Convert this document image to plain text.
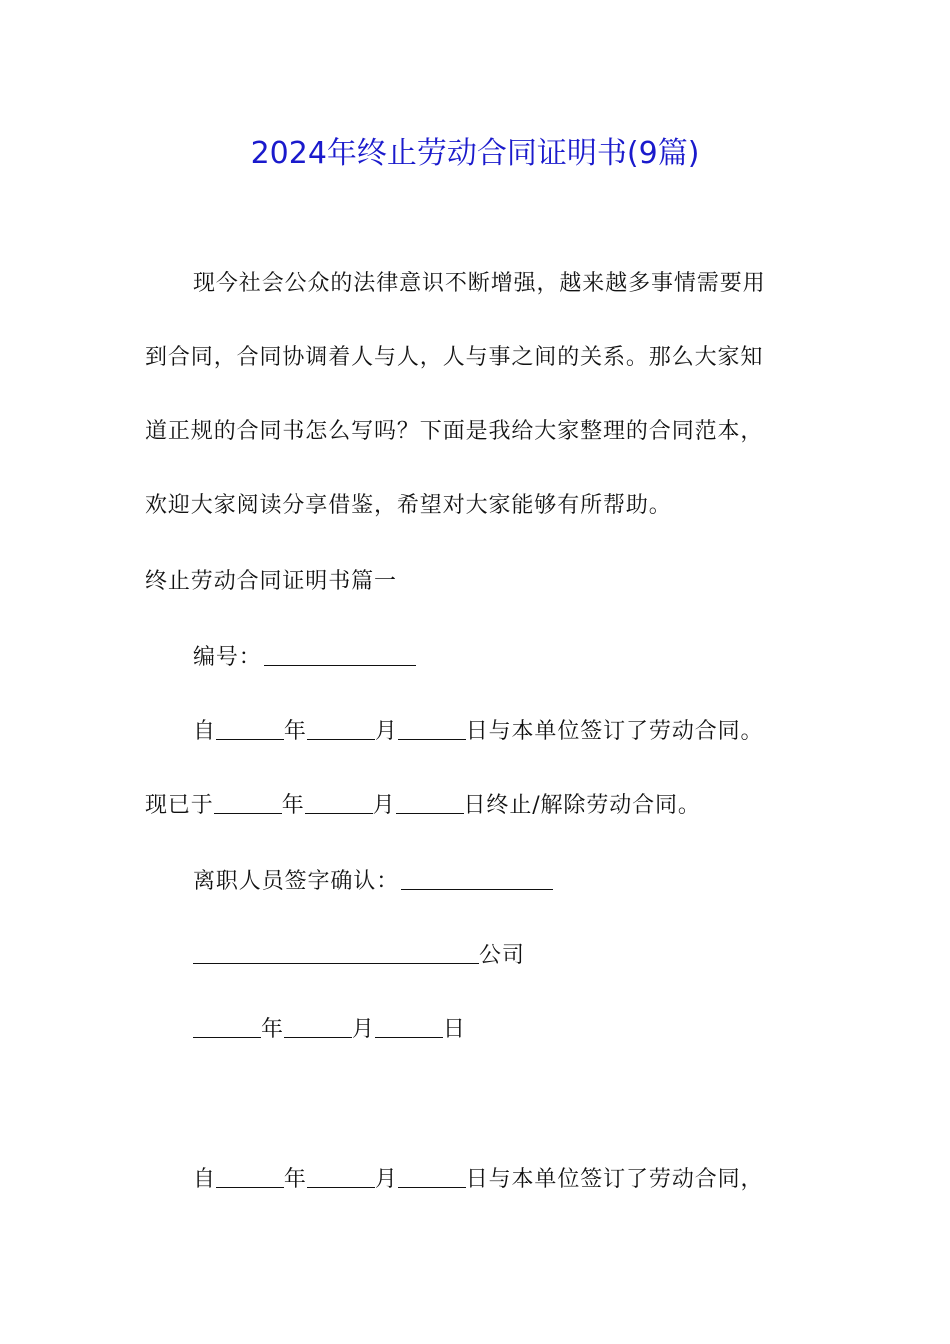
2024年终止劳动合同证明书(9篇)

现今社会公众的法律意识不断增强，越来越多事情需要用

到合同，合同协调着人与人，人与事之间的关系。那么大家知

道正规的合同书怎么写吗？下面是我给大家整理的合同范本，

欢迎大家阅读分享借鉴，希望对大家能够有所帮助。

终止劳动合同证明书篇一

编号：

自	年	月	日与本单位签订了劳动合同。

现已于	年	月	日终止/解除劳动合同。

离职人员签字确认：

公司

年	月	日

自	年	月	日与本单位签订了劳动合同，
